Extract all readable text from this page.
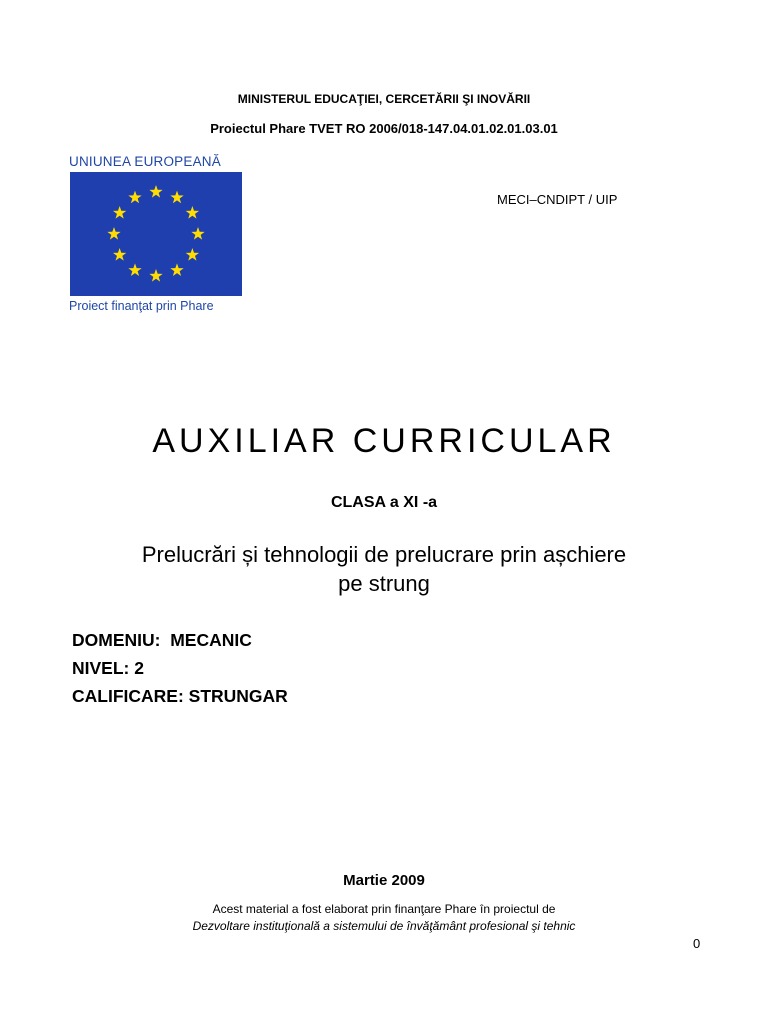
MINISTERUL EDUCAŢIEI, CERCETĂRII ŞI INOVĂRII
Proiectul Phare TVET RO 2006/018-147.04.01.02.01.03.01
UNIUNEA EUROPEANĂ
Proiect finanţat prin Phare
MECI–CNDIPT / UIP
AUXILIAR CURRICULAR
CLASA a XI -a
Prelucrări și tehnologii de prelucrare prin așchiere
pe strung
DOMENIU:  MECANIC
NIVEL: 2
CALIFICARE: STRUNGAR
Martie 2009
Acest material a fost elaborat prin finanţare Phare în proiectul de
Dezvoltare instituţională a sistemului de învăţământ profesional şi tehnic
0
